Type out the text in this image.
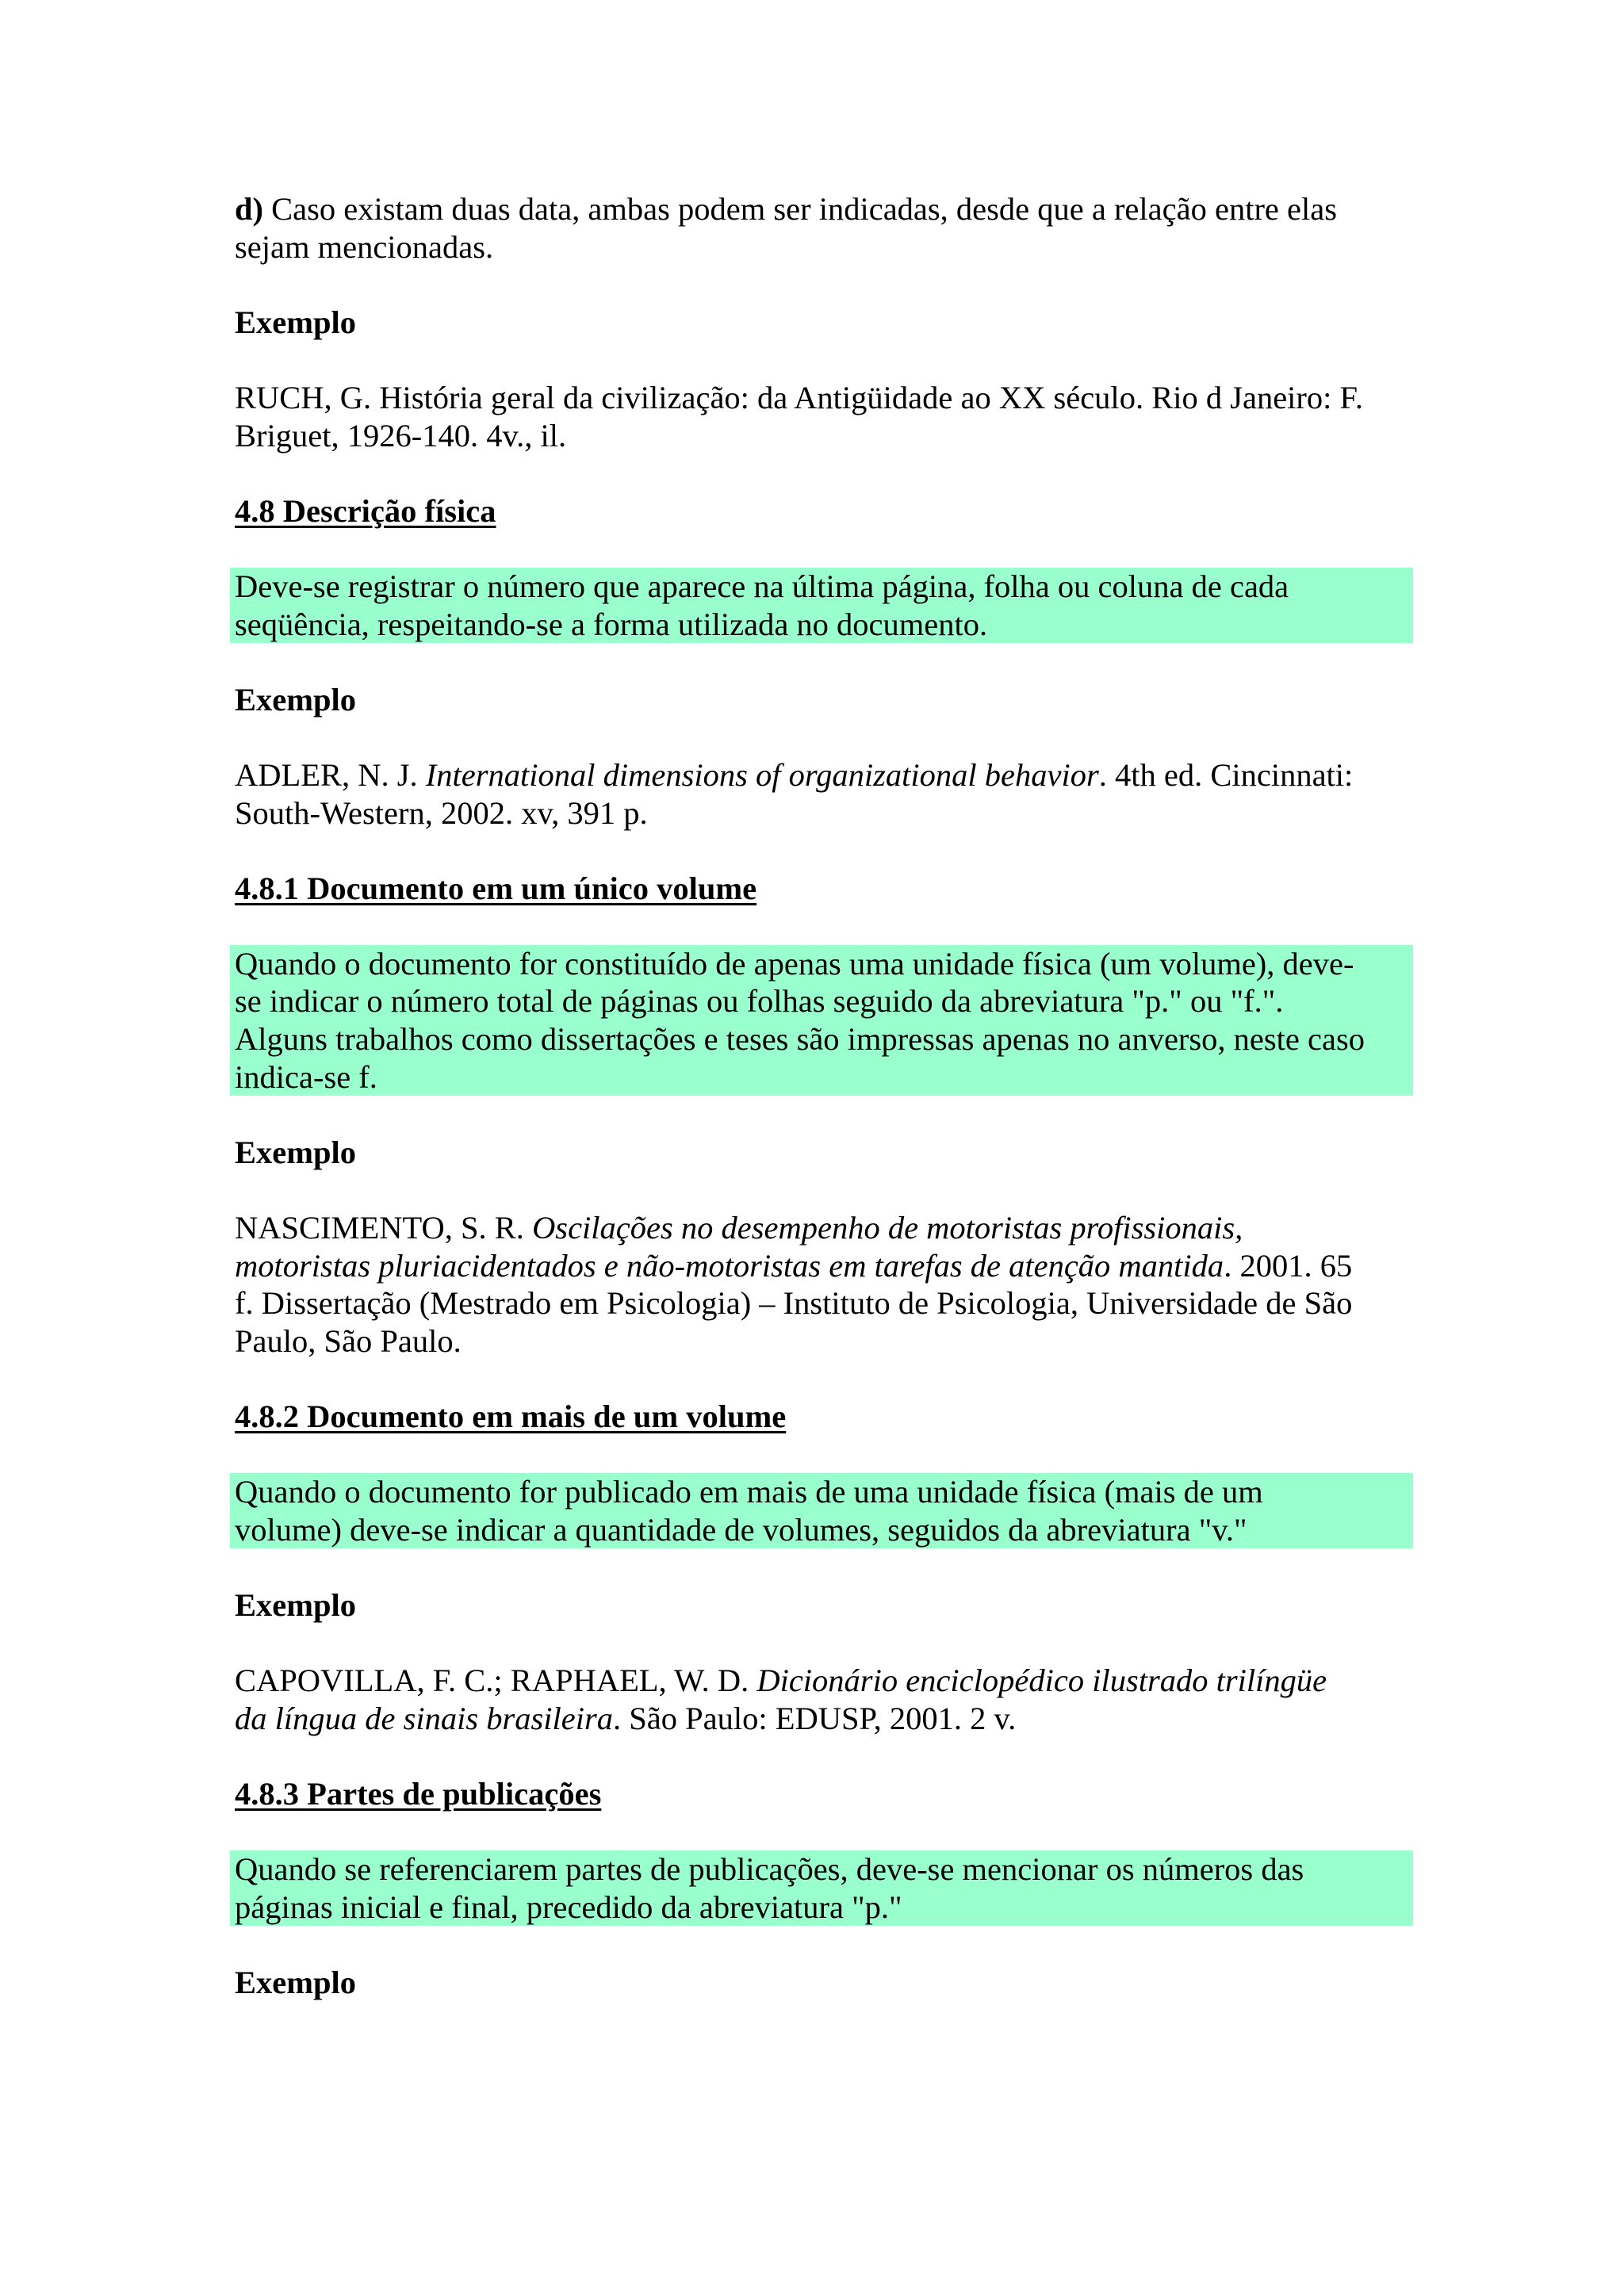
d) Caso existam duas data, ambas podem ser indicadas, desde que a relação entre elas sejam mencionadas.

Exemplo

RUCH, G. História geral da civilização: da Antigüidade ao XX século. Rio d Janeiro: F.

Briguet, 1926-140. 4v., il.

4.8 Descrição física

Deve-se registrar o número que aparece na última página, folha ou coluna de cada

seqüência, respeitando-se a forma utilizada no documento.

Exemplo

ADLER, N. J. International dimensions of organizational behavior. 4th ed. Cincinnati:

South-Western, 2002. xv, 391 p.

4.8.1 Documento em um único volume

Quando o documento for constituído de apenas uma unidade física (um volume), deve-

se indicar o número total de páginas ou folhas seguido da abreviatura "p." ou "f.".

Alguns trabalhos como dissertações e teses são impressas apenas no anverso, neste caso

indica-se f.

Exemplo

NASCIMENTO, S. R. Oscilações no desempenho de motoristas profissionais,

motoristas pluriacidentados e não-motoristas em tarefas de atenção mantida. 2001. 65

f. Dissertação (Mestrado em Psicologia) – Instituto de Psicologia, Universidade de São

Paulo, São Paulo.

4.8.2 Documento em mais de um volume

Quando o documento for publicado em mais de uma unidade física (mais de um

volume) deve-se indicar a quantidade de volumes, seguidos da abreviatura "v."

Exemplo

CAPOVILLA, F. C.; RAPHAEL, W. D. Dicionário enciclopédico ilustrado trilíngüe

da língua de sinais brasileira. São Paulo: EDUSP, 2001. 2 v.

4.8.3 Partes de publicações

Quando se referenciarem partes de publicações, deve-se mencionar os números das

páginas inicial e final, precedido da abreviatura "p."

Exemplo
